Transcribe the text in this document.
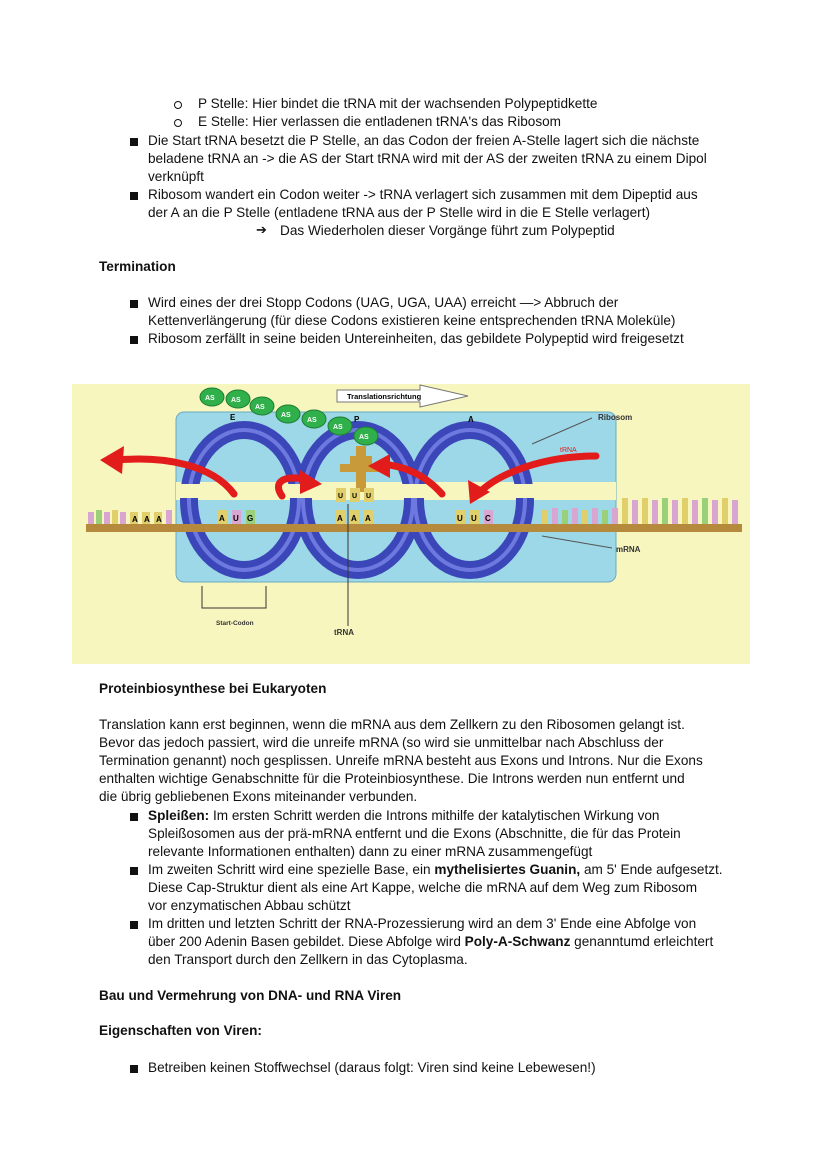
P Stelle: Hier bindet die tRNA mit der wachsenden Polypeptidkette
E Stelle: Hier verlassen die entladenen tRNA's das Ribosom
Die Start tRNA besetzt die P Stelle, an das Codon der freien A-Stelle lagert sich die nächste
beladene tRNA an -> die AS der Start tRNA wird mit der AS der zweiten tRNA zu einem Dipol
verknüpft
Ribosom wandert ein Codon weiter -> tRNA verlagert sich zusammen mit dem Dipeptid aus
der A an die P Stelle (entladene tRNA aus der P Stelle wird in die E Stelle verlagert)
➔ Das Wiederholen dieser Vorgänge führt zum Polypeptid
Termination
Wird eines der drei Stopp Codons (UAG, UGA, UAA) erreicht —> Abbruch der
Kettenverlängerung (für diese Codons existieren keine entsprechenden tRNA Moleküle)
Ribosom zerfällt in seine beiden Untereinheiten, das gebildete Polypeptid wird freigesetzt
A A A	A U G	A A A	U U C
U U U
AS AS
AS
AS
AS
AS
AS
Translationsrichtung
E	P	A	Ribosom
tRNA
mRNA
Start-Codon
tRNA
Proteinbiosynthese bei Eukaryoten
Translation kann erst beginnen, wenn die mRNA aus dem Zellkern zu den Ribosomen gelangt ist.
Bevor das jedoch passiert, wird die unreife mRNA (so wird sie unmittelbar nach Abschluss der
Termination genannt) noch gesplissen. Unreife mRNA besteht aus Exons und Introns. Nur die Exons
enthalten wichtige Genabschnitte für die Proteinbiosynthese. Die Introns werden nun entfernt und
die übrig gebliebenen Exons miteinander verbunden.
Spleißen: Im ersten Schritt werden die Introns mithilfe der katalytischen Wirkung von
Spleißosomen aus der prä-mRNA entfernt und die Exons (Abschnitte, die für das Protein
relevante Informationen enthalten) dann zu einer mRNA zusammengefügt
Im zweiten Schritt wird eine spezielle Base, ein mythelisiertes Guanin, am 5' Ende aufgesetzt.
Diese Cap-Struktur dient als eine Art Kappe, welche die mRNA auf dem Weg zum Ribosom
vor enzymatischen Abbau schützt
Im dritten und letzten Schritt der RNA-Prozessierung wird an dem 3' Ende eine Abfolge von
über 200 Adenin Basen gebildet. Diese Abfolge wird Poly-A-Schwanz genanntumd erleichtert
den Transport durch den Zellkern in das Cytoplasma.
Bau und Vermehrung von DNA- und RNA Viren
Eigenschaften von Viren:
Betreiben keinen Stoffwechsel (daraus folgt: Viren sind keine Lebewesen!)
